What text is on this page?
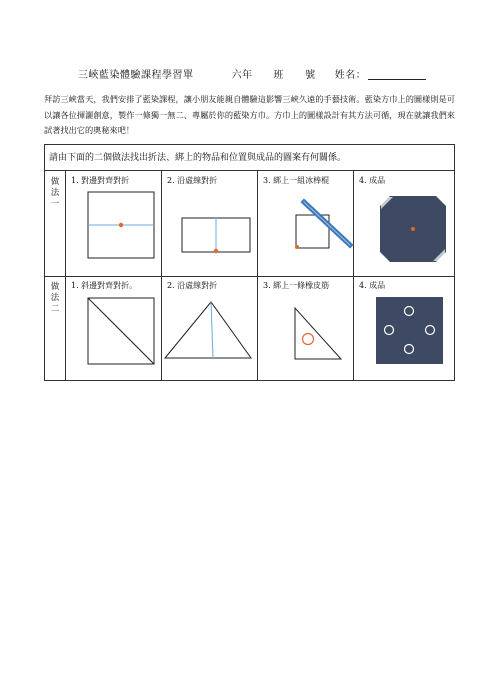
三峽藍染體驗課程學習單	六年 班 號 姓名：
拜訪三峽當天，我們安排了藍染課程，讓小朋友能親自體驗這影響三峽久遠的手藝技術。藍染方巾上的圖樣則是可以讓各位揮灑創意，製作一條獨一無二、專屬於你的藍染方巾。方巾上的圖樣設計有其方法可循，現在就讓我們來試著找出它的奧秘來吧！
請由下面的二個做法找出折法、綁上的物品和位置與成品的圖案有何關係。
做
法
一
1. 對邊對齊對折	2. 沿虛線對折	3. 綁上一組冰棒棍	4. 成品
做
法
二
1. 斜邊對齊對折。	2. 沿虛線對折	3. 綁上一條橡皮筋	4. 成品
